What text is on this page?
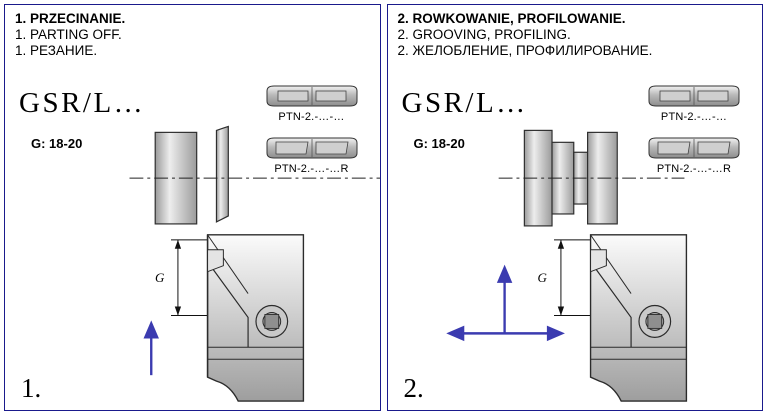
1. PRZECINANIE.
1. PARTING OFF.
1. РЕЗАНИЕ.
GSR/L…
G: 18-20
1.
PTN-2.-…-…
PTN-2.-…-…R
G
2. ROWKOWANIE, PROFILOWANIE.
2. GROOVING, PROFILING.
2. ЖЕЛОБЛЕНИЕ, ПРОФИЛИРОВАНИЕ.
GSR/L…
G: 18-20
2.
PTN-2.-…-…
PTN-2.-…-…R
G
